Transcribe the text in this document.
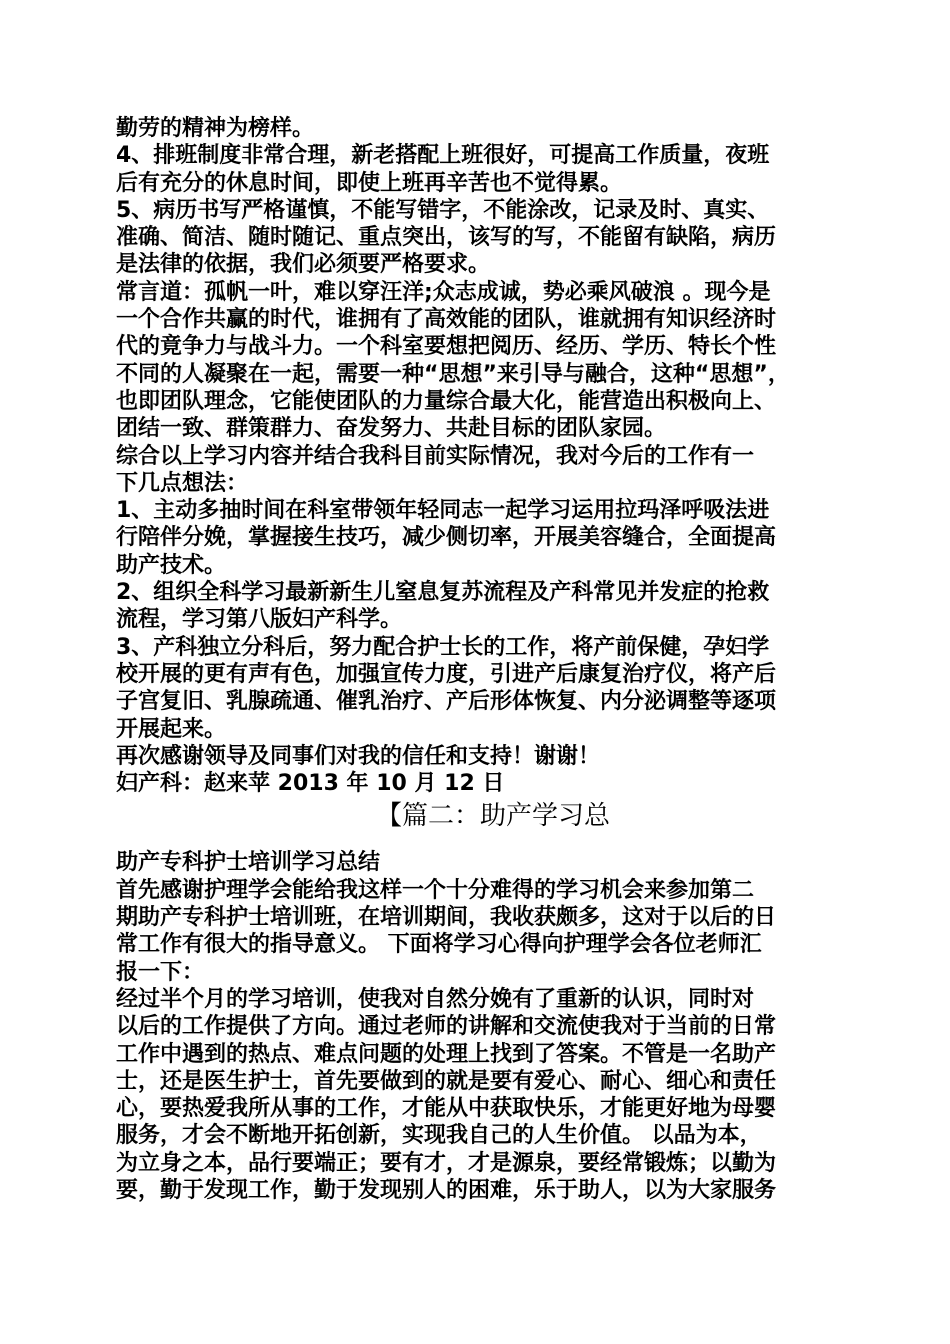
勤劳的精神为榜样。
4、排班制度非常合理，新老搭配上班很好，可提高工作质量，夜班
后有充分的休息时间，即使上班再辛苦也不觉得累。
5、病历书写严格谨慎，不能写错字，不能涂改，记录及时、真实、
准确、简洁、随时随记、重点突出，该写的写，不能留有缺陷，病历
是法律的依据，我们必须要严格要求。
常言道：孤帆一叶，难以穿汪洋;众志成诚，势必乘风破浪 。现今是
一个合作共赢的时代，谁拥有了高效能的团队，谁就拥有知识经济时
代的竟争力与战斗力。一个科室要想把阅历、经历、学历、特长个性
不同的人凝聚在一起，需要一种“思想”来引导与融合，这种“思想”，
也即团队理念，它能使团队的力量综合最大化，能营造出积极向上、
团结一致、群策群力、奋发努力、共赴目标的团队家园。
综合以上学习内容并结合我科目前实际情况，我对今后的工作有一
下几点想法：
1、主动多抽时间在科室带领年轻同志一起学习运用拉玛泽呼吸法进
行陪伴分娩，掌握接生技巧，减少侧切率，开展美容缝合，全面提高
助产技术。
2、组织全科学习最新新生儿窒息复苏流程及产科常见并发症的抢救
流程，学习第八版妇产科学。
3、产科独立分科后，努力配合护士长的工作，将产前保健，孕妇学
校开展的更有声有色，加强宣传力度，引进产后康复治疗仪，将产后
子宫复旧、乳腺疏通、催乳治疗、产后形体恢复、内分泌调整等逐项
开展起来。
再次感谢领导及同事们对我的信任和支持！谢谢！
妇产科：赵来苹 2013 年 10 月 12 日
【篇二：助产学习总
助产专科护士培训学习总结
首先感谢护理学会能给我这样一个十分难得的学习机会来参加第二
期助产专科护士培训班，在培训期间，我收获颇多，这对于以后的日
常工作有很大的指导意义。 下面将学习心得向护理学会各位老师汇
报一下：
经过半个月的学习培训，使我对自然分娩有了重新的认识，同时对
以后的工作提供了方向。通过老师的讲解和交流使我对于当前的日常
工作中遇到的热点、难点问题的处理上找到了答案。不管是一名助产
士，还是医生护士，首先要做到的就是要有爱心、耐心、细心和责任
心，要热爱我所从事的工作，才能从中获取快乐，才能更好地为母婴
服务，才会不断地开拓创新，实现我自己的人生价值。 以品为本，
为立身之本，品行要端正；要有才，才是源泉，要经常锻炼；以勤为
要，勤于发现工作，勤于发现别人的困难，乐于助人，以为大家服务
